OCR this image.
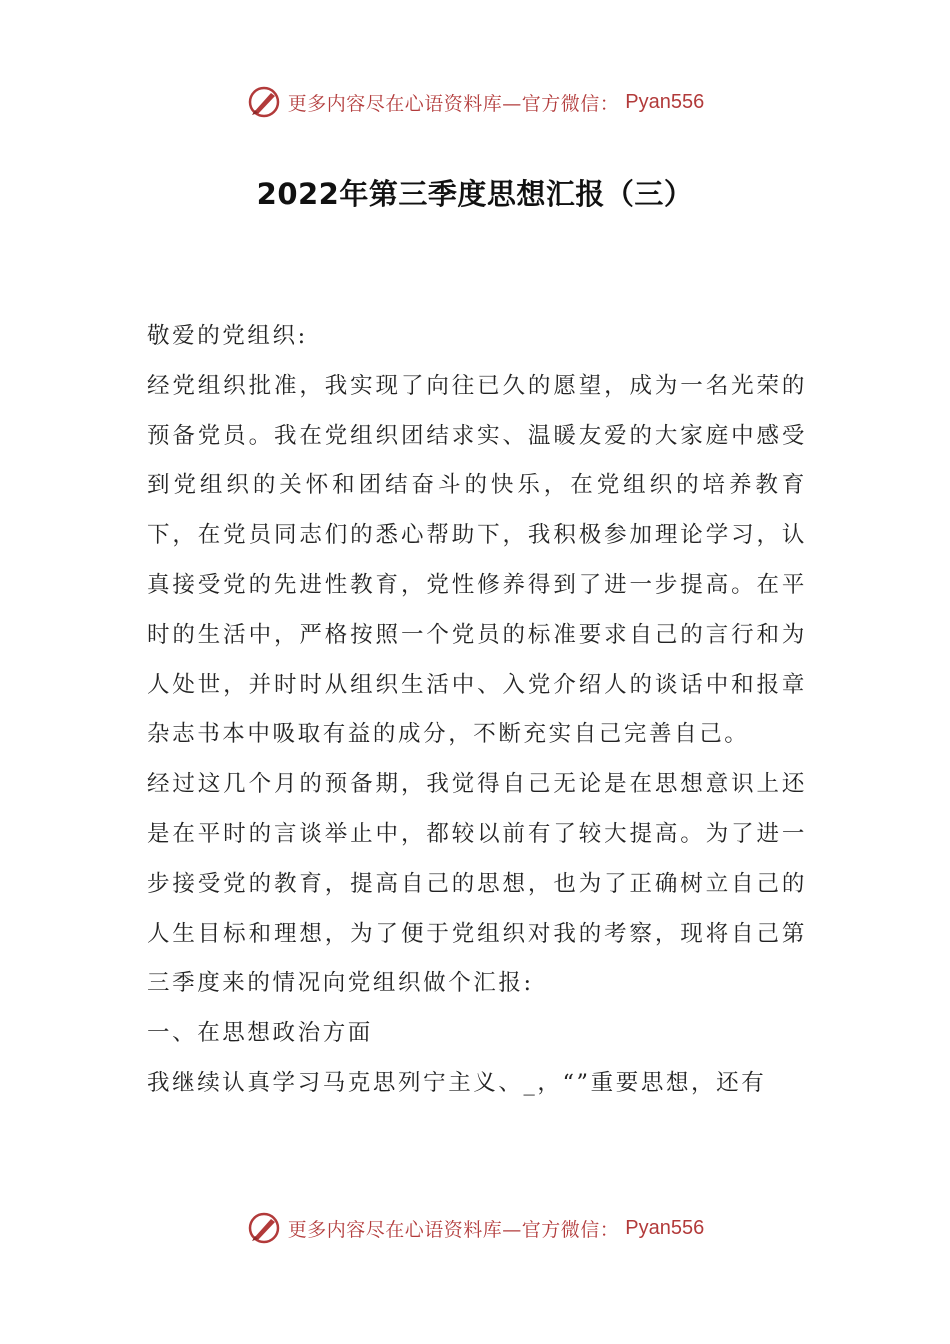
更多内容尽在心语资料库—官方微信： Pyan556
2022年第三季度思想汇报（三）

敬爱的党组织:

经党组织批准，我实现了向往已久的愿望，成为一名光荣的预备党员。我在党组织团结求实、温暖友爱的大家庭中感受到党组织的关怀和团结奋斗的快乐，在党组织的培养教育下，在党员同志们的悉心帮助下，我积极参加理论学习，认真接受党的先进性教育，党性修养得到了进一步提高。在平时的生活中，严格按照一个党员的标准要求自己的言行和为人处世，并时时从组织生活中、入党介绍人的谈话中和报章杂志书本中吸取有益的成分，不断充实自己完善自己。

经过这几个月的预备期，我觉得自己无论是在思想意识上还是在平时的言谈举止中，都较以前有了较大提高。为了进一步接受党的教育，提高自己的思想，也为了正确树立自己的人生目标和理想，为了便于党组织对我的考察，现将自己第三季度来的情况向党组织做个汇报:

一、在思想政治方面

我继续认真学习马克思列宁主义、_，“”重要思想，还有

更多内容尽在心语资料库—官方微信： Pyan556
